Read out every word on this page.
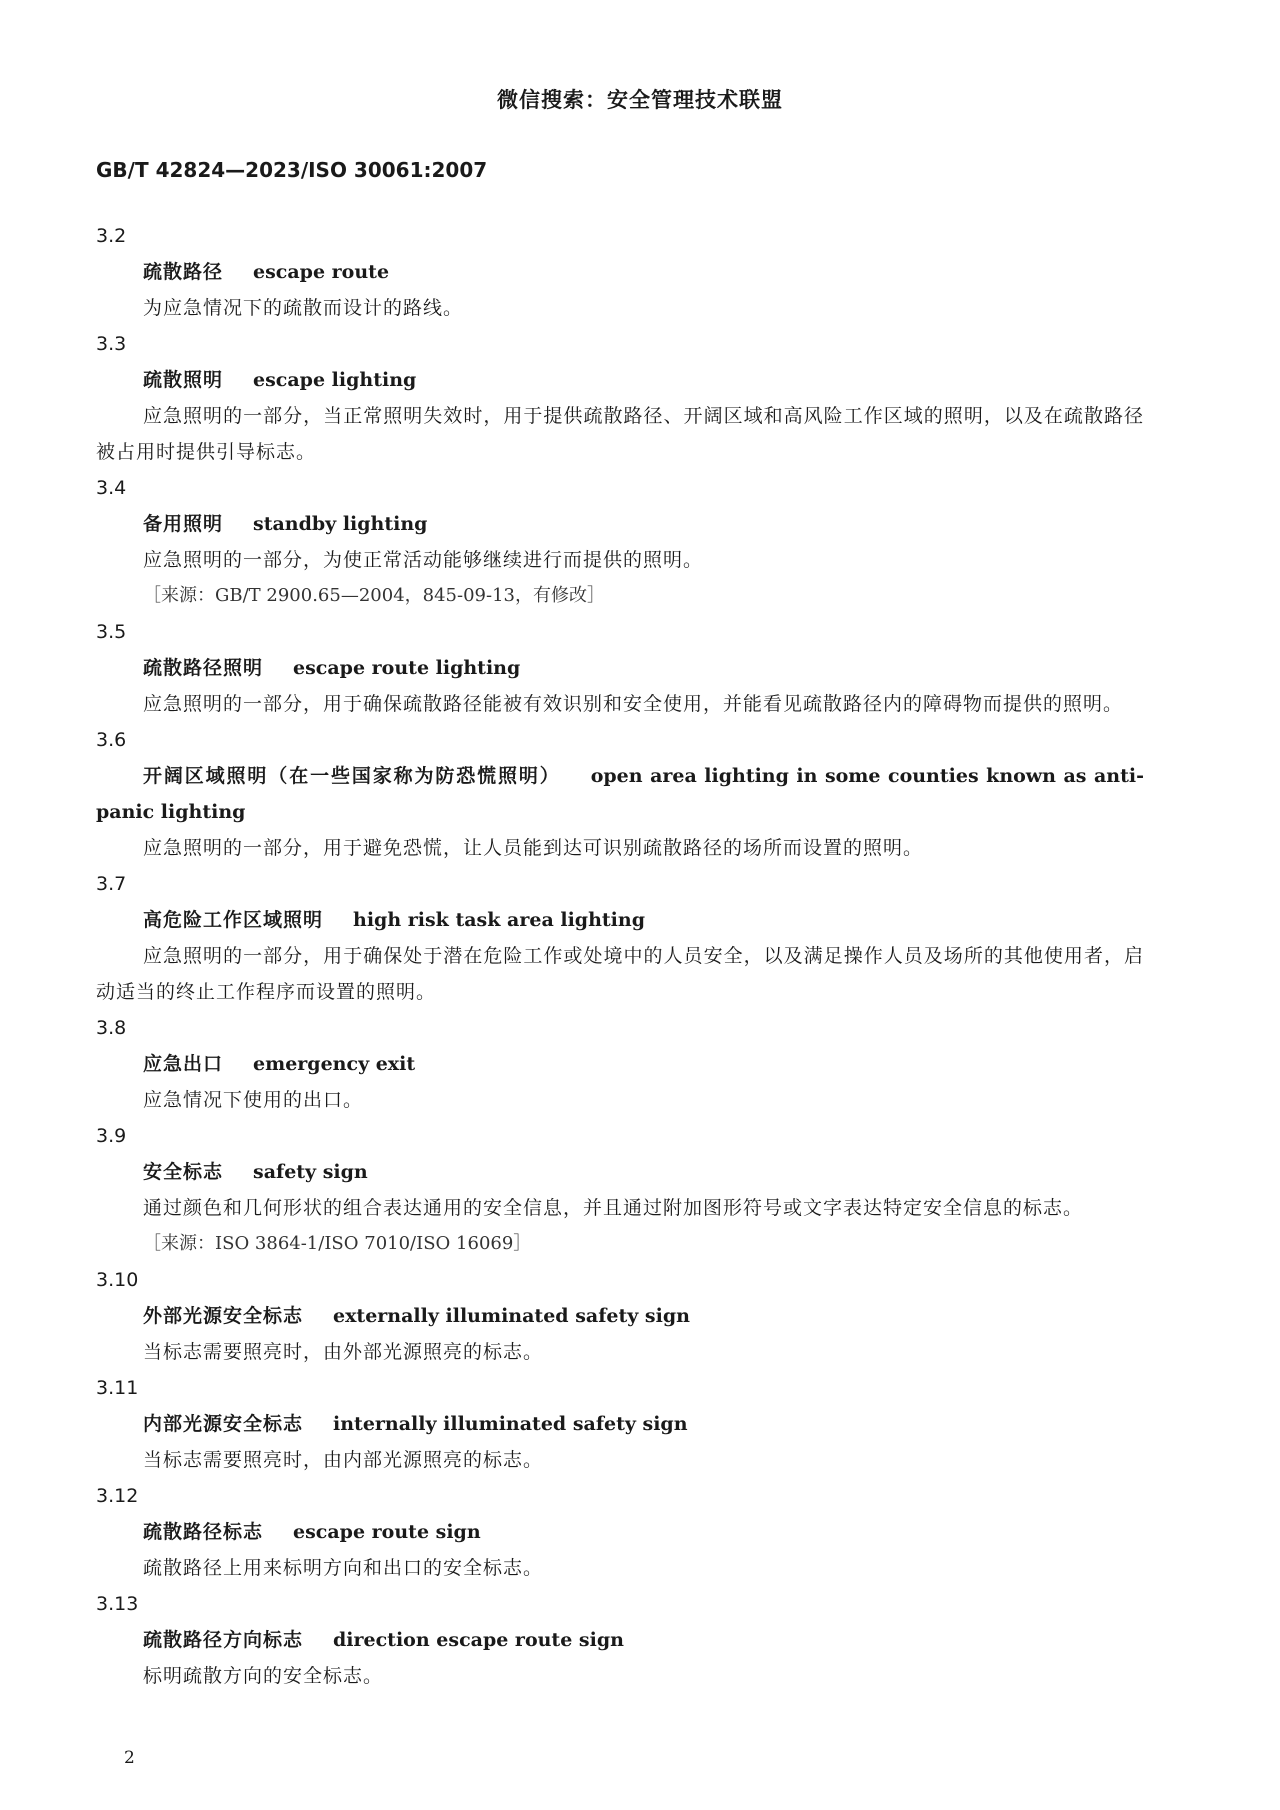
微信搜索：安全管理技术联盟
GB/T 42824—2023/ISO 30061:2007
3.2
疏散路径 escape route
为应急情况下的疏散而设计的路线。
3.3
疏散照明 escape lighting
应急照明的一部分，当正常照明失效时，用于提供疏散路径、开阔区域和高风险工作区域的照明，以及在疏散路径被占用时提供引导标志。
3.4
备用照明 standby lighting
应急照明的一部分，为使正常活动能够继续进行而提供的照明。
［来源：GB/T 2900.65—2004，845-09-13，有修改］
3.5
疏散路径照明 escape route lighting
应急照明的一部分，用于确保疏散路径能被有效识别和安全使用，并能看见疏散路径内的障碍物而提供的照明。
3.6
开阔区域照明（在一些国家称为防恐慌照明） open area lighting in some counties known as anti-panic lighting
应急照明的一部分，用于避免恐慌，让人员能到达可识别疏散路径的场所而设置的照明。
3.7
高危险工作区域照明 high risk task area lighting
应急照明的一部分，用于确保处于潜在危险工作或处境中的人员安全，以及满足操作人员及场所的其他使用者，启动适当的终止工作程序而设置的照明。
3.8
应急出口 emergency exit
应急情况下使用的出口。
3.9
安全标志 safety sign
通过颜色和几何形状的组合表达通用的安全信息，并且通过附加图形符号或文字表达特定安全信息的标志。
［来源：ISO 3864-1/ISO 7010/ISO 16069］
3.10
外部光源安全标志 externally illuminated safety sign
当标志需要照亮时，由外部光源照亮的标志。
3.11
内部光源安全标志 internally illuminated safety sign
当标志需要照亮时，由内部光源照亮的标志。
3.12
疏散路径标志 escape route sign
疏散路径上用来标明方向和出口的安全标志。
3.13
疏散路径方向标志 direction escape route sign
标明疏散方向的安全标志。
2
